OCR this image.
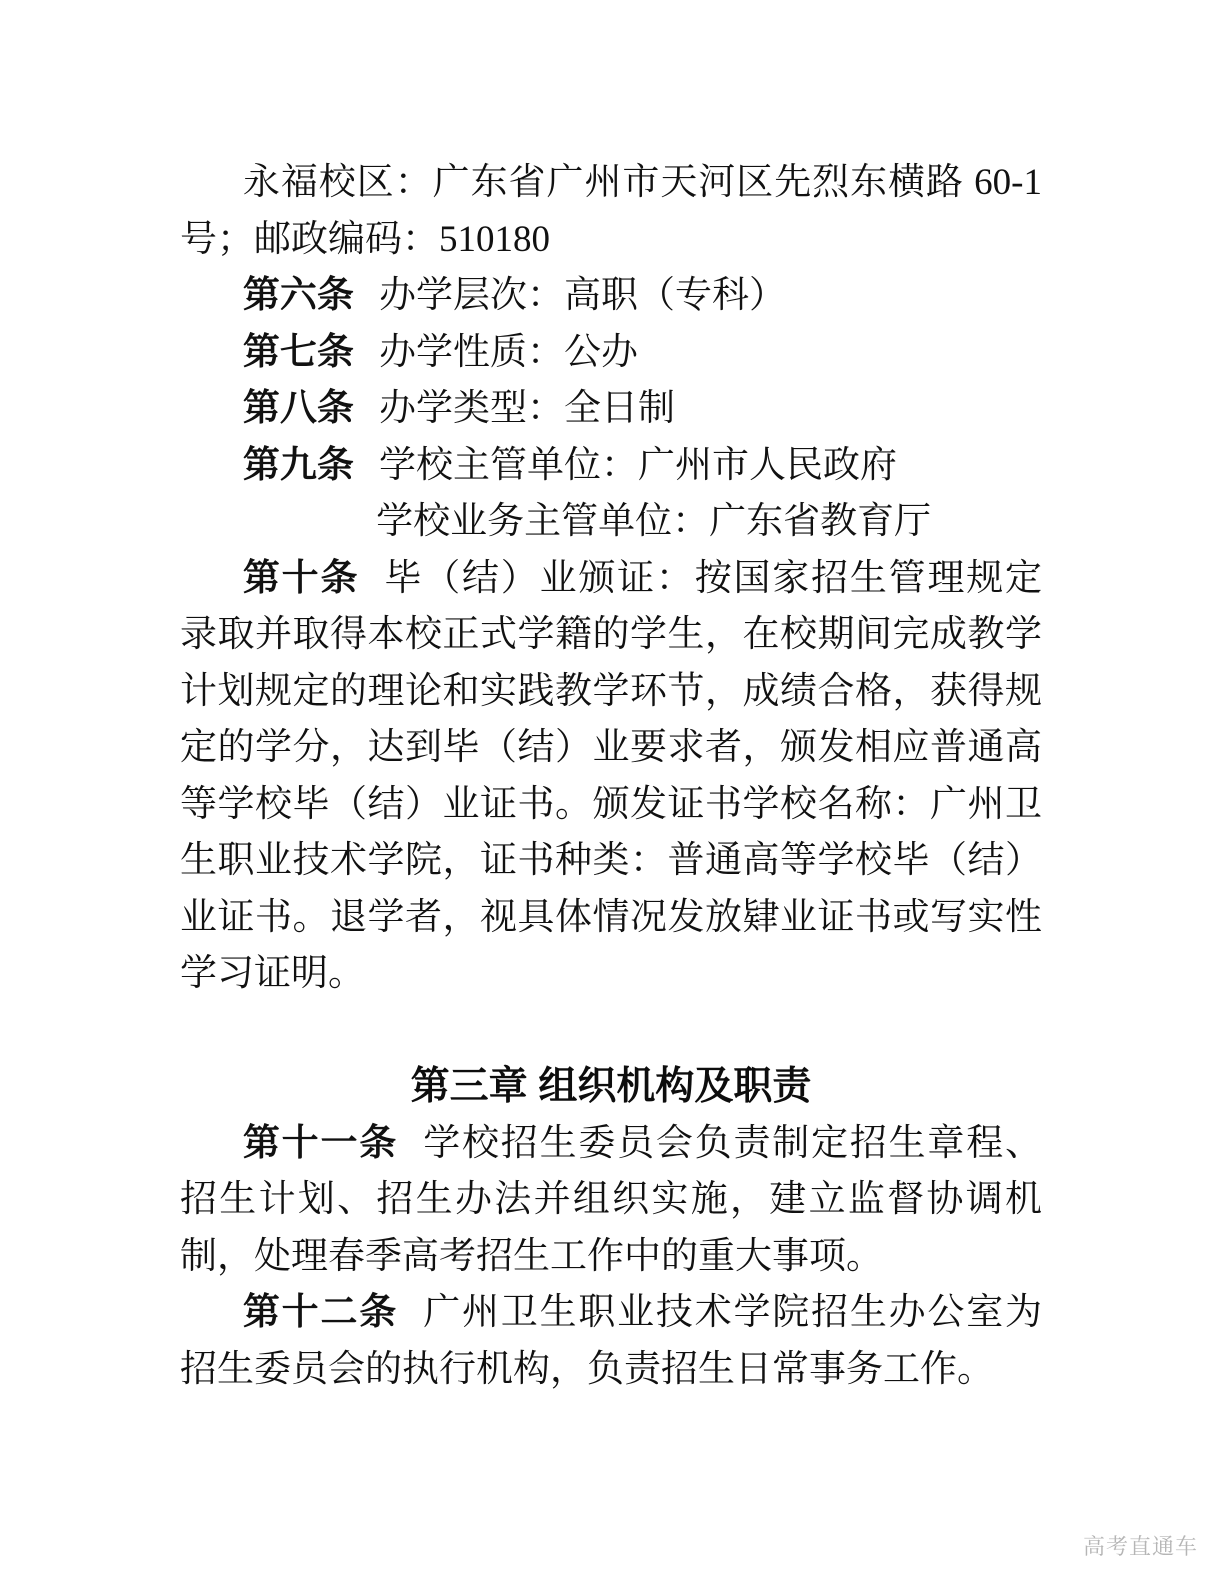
永福校区：广东省广州市天河区先烈东横路 60-1 号；邮政编码：510180

第六条 办学层次：高职（专科）

第七条 办学性质：公办

第八条 办学类型：全日制

第九条 学校主管单位：广州市人民政府

学校业务主管单位：广东省教育厅

第十条 毕（结）业颁证：按国家招生管理规定录取并取得本校正式学籍的学生，在校期间完成教学计划规定的理论和实践教学环节，成绩合格，获得规定的学分，达到毕（结）业要求者，颁发相应普通高等学校毕（结）业证书。颁发证书学校名称：广州卫生职业技术学院，证书种类：普通高等学校毕（结）业证书。退学者，视具体情况发放肄业证书或写实性学习证明。

第三章 组织机构及职责

第十一条 学校招生委员会负责制定招生章程、招生计划、招生办法并组织实施，建立监督协调机制，处理春季高考招生工作中的重大事项。

第十二条 广州卫生职业技术学院招生办公室为招生委员会的执行机构，负责招生日常事务工作。

高考直通车
